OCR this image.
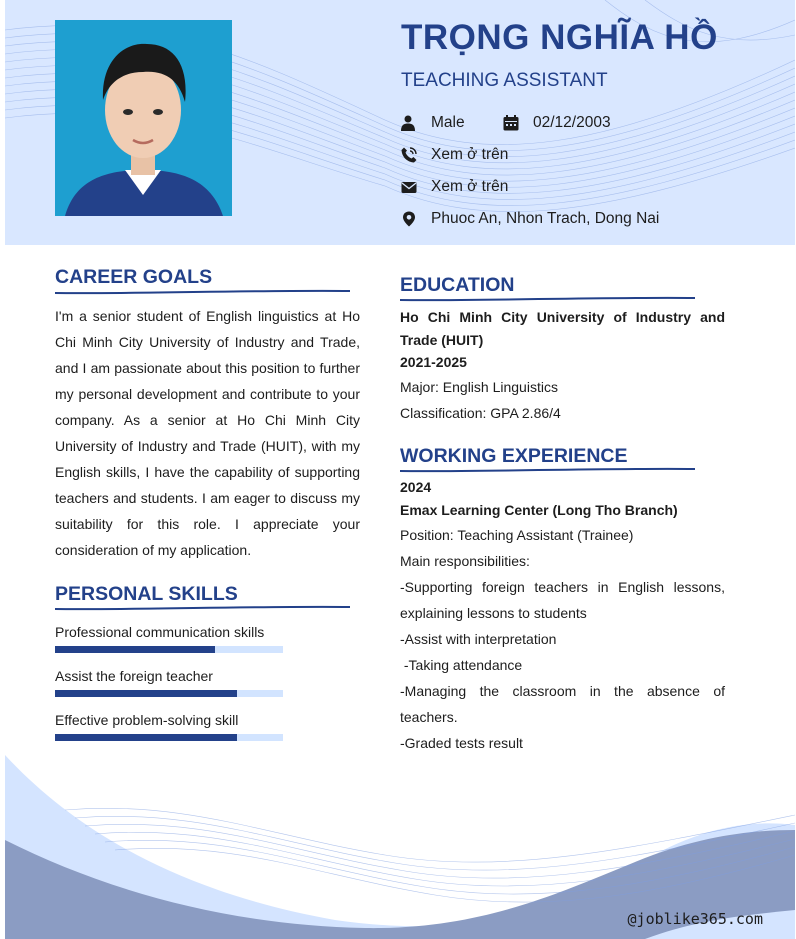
TRỌNG NGHĨA HỒ

TEACHING ASSISTANT

Male	02/12/2003
Xem ở trên
Xem ở trên
Phuoc An, Nhon Trach, Dong Nai
CAREER GOALS

I'm a senior student of English linguistics at Ho Chi Minh City University of Industry and Trade, and I am passionate about this position to further my personal development and contribute to your company. As a senior at Ho Chi Minh City University of Industry and Trade (HUIT), with my English skills, I have the capability of supporting teachers and students. I am eager to discuss my suitability for this role. I appreciate your consideration of my application.

PERSONAL SKILLS
Professional communication skills
Assist the foreign teacher
Effective problem-solving skill
EDUCATION

Ho Chi Minh City University of Industry and Trade (HUIT)

2021-2025

Major: English Linguistics

Classification: GPA 2.86/4

WORKING EXPERIENCE

2024

Emax Learning Center (Long Tho Branch)

Position: Teaching Assistant (Trainee)

Main responsibilities:

-Supporting foreign teachers in English lessons, explaining lessons to students

-Assist with interpretation

-Taking attendance

-Managing the classroom in the absence of teachers.

-Graded tests result

@joblike365.com
